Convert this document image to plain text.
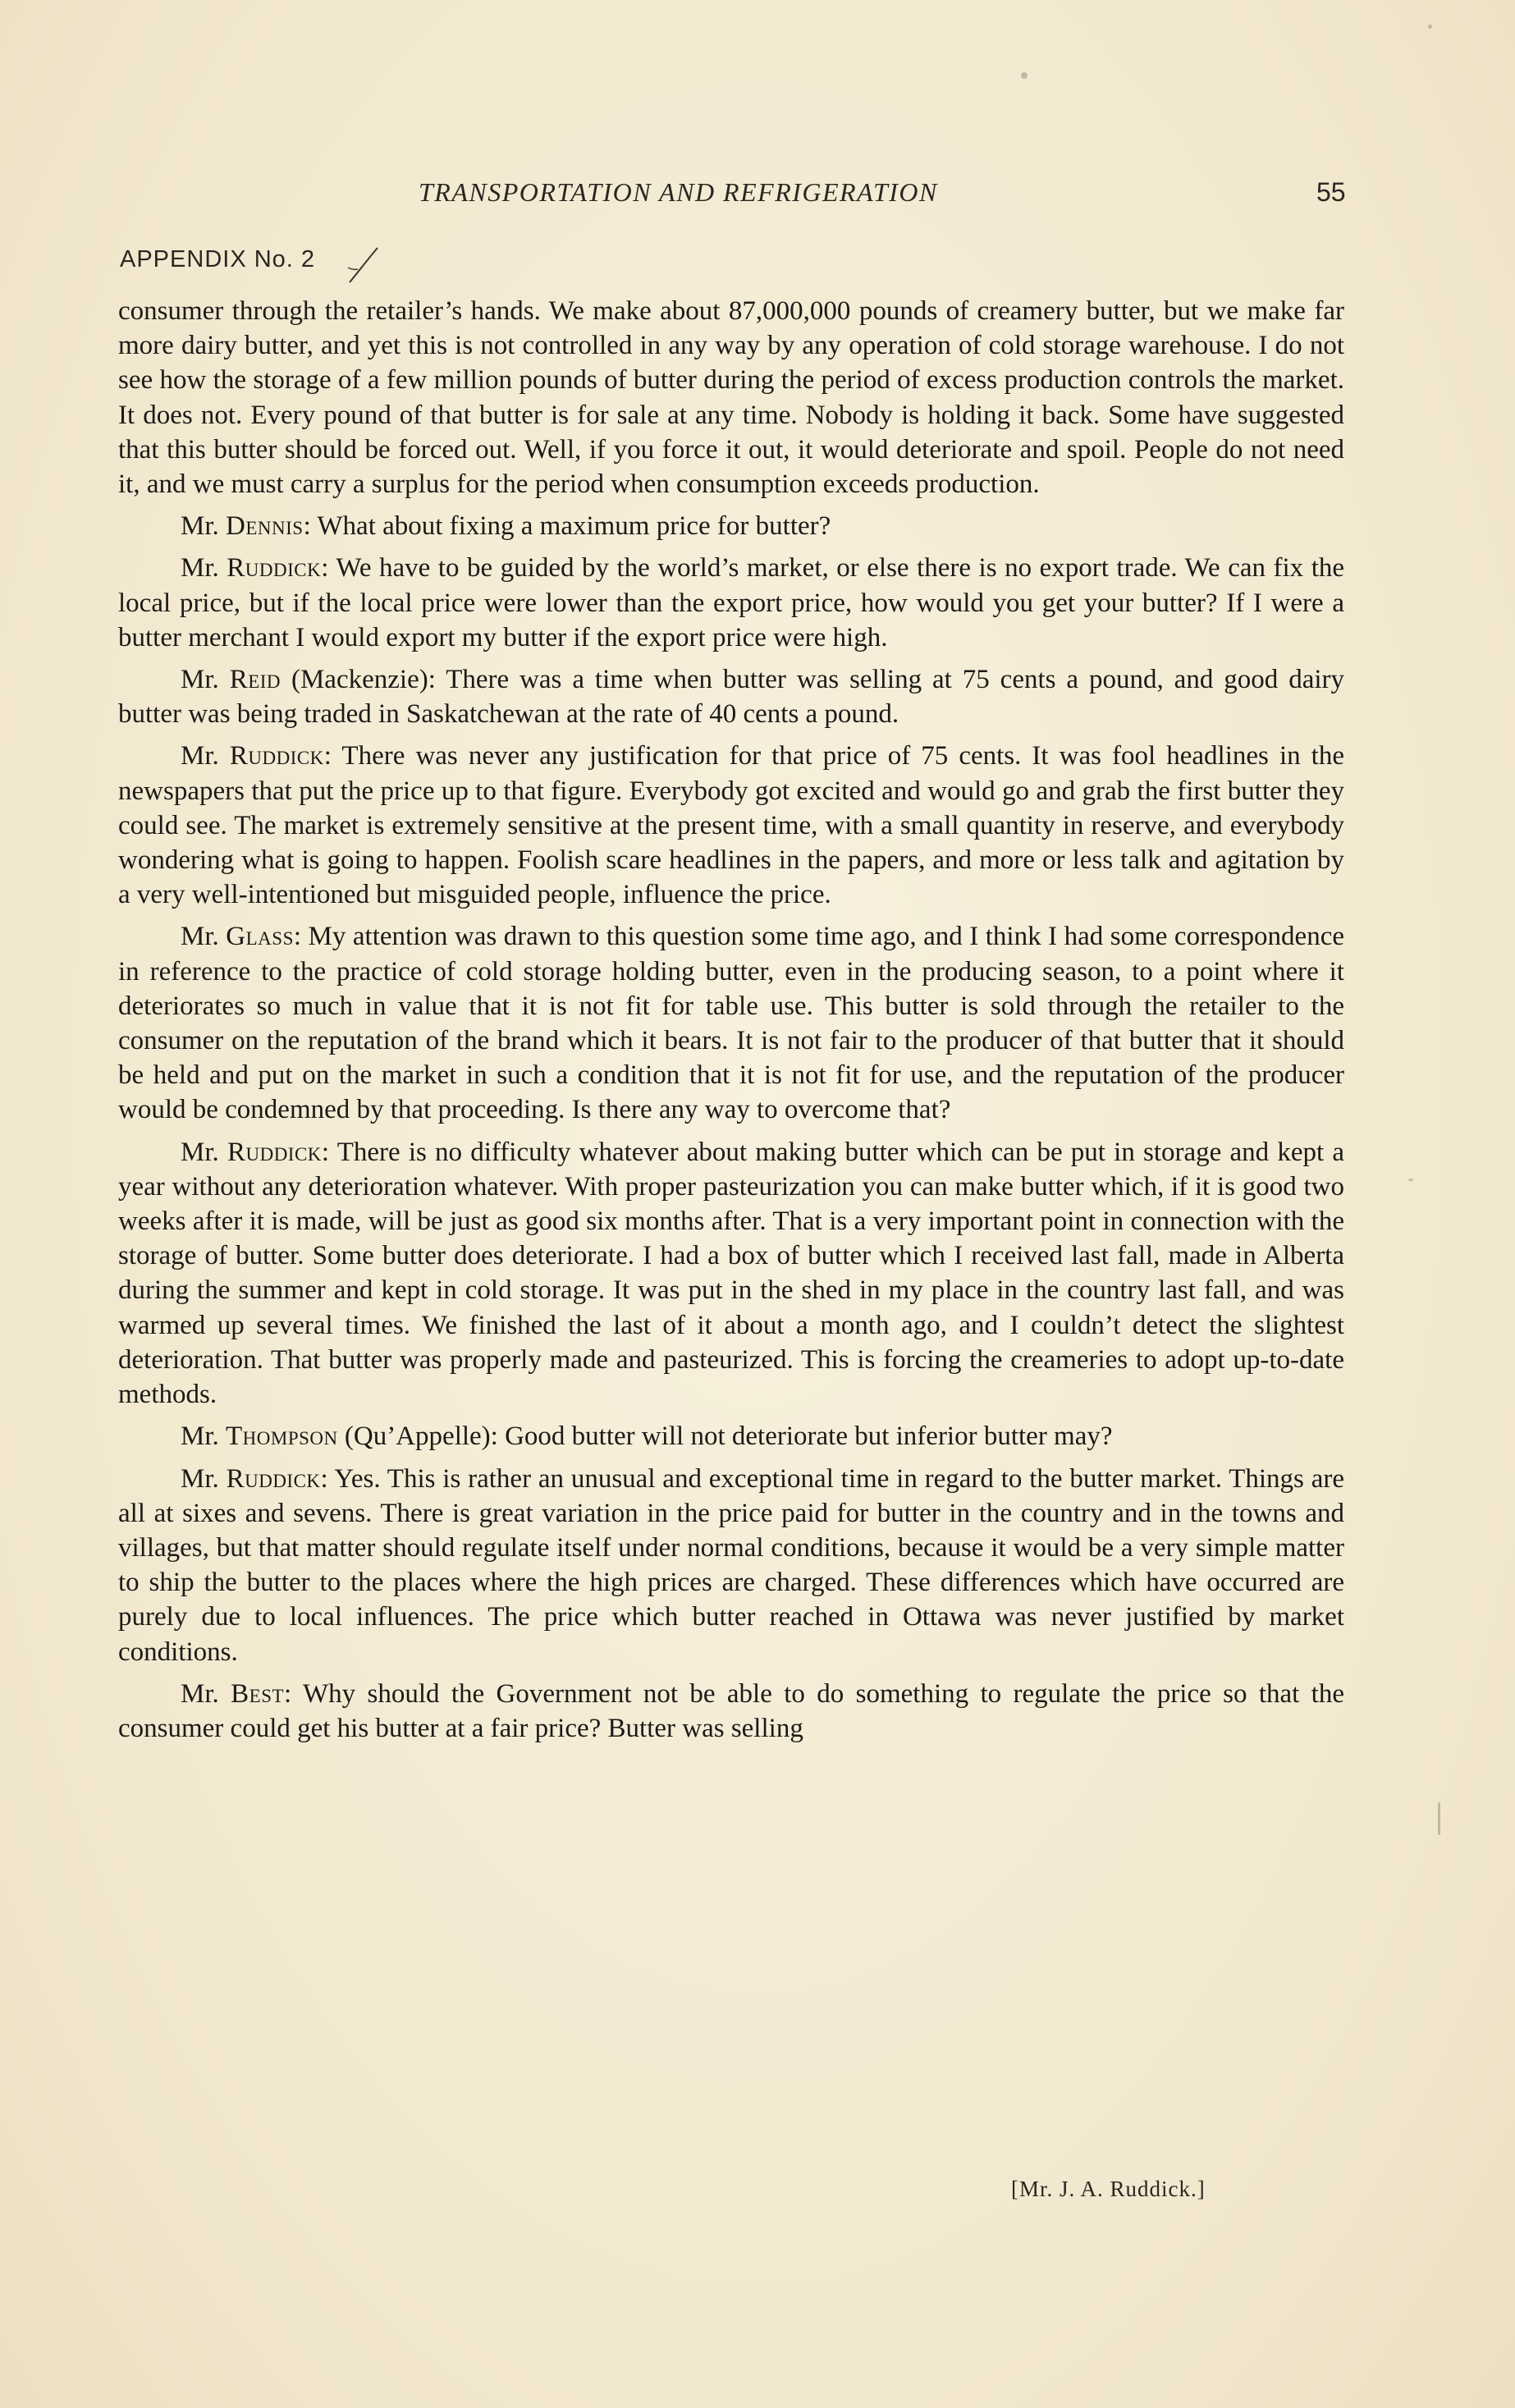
TRANSPORTATION AND REFRIGERATION	55
APPENDIX No. 2

consumer through the retailer’s hands. We make about 87,000,000 pounds of creamery butter, but we make far more dairy butter, and yet this is not controlled in any way by any operation of cold storage warehouse. I do not see how the storage of a few million pounds of butter during the period of excess production controls the market. It does not. Every pound of that butter is for sale at any time. Nobody is holding it back. Some have suggested that this butter should be forced out. Well, if you force it out, it would deteriorate and spoil. People do not need it, and we must carry a surplus for the period when consumption exceeds production.

Mr. Dennis: What about fixing a maximum price for butter?

Mr. Ruddick: We have to be guided by the world’s market, or else there is no export trade. We can fix the local price, but if the local price were lower than the export price, how would you get your butter? If I were a butter merchant I would export my butter if the export price were high.

Mr. Reid (Mackenzie): There was a time when butter was selling at 75 cents a pound, and good dairy butter was being traded in Saskatchewan at the rate of 40 cents a pound.

Mr. Ruddick: There was never any justification for that price of 75 cents. It was fool headlines in the newspapers that put the price up to that figure. Everybody got excited and would go and grab the first butter they could see. The market is extremely sensitive at the present time, with a small quantity in reserve, and everybody wondering what is going to happen. Foolish scare headlines in the papers, and more or less talk and agitation by a very well-intentioned but misguided people, influence the price.

Mr. Glass: My attention was drawn to this question some time ago, and I think I had some correspondence in reference to the practice of cold storage holding butter, even in the producing season, to a point where it deteriorates so much in value that it is not fit for table use. This butter is sold through the retailer to the consumer on the reputation of the brand which it bears. It is not fair to the producer of that butter that it should be held and put on the market in such a condition that it is not fit for use, and the reputation of the producer would be condemned by that proceeding. Is there any way to overcome that?

Mr. Ruddick: There is no difficulty whatever about making butter which can be put in storage and kept a year without any deterioration whatever. With proper pasteurization you can make butter which, if it is good two weeks after it is made, will be just as good six months after. That is a very important point in connection with the storage of butter. Some butter does deteriorate. I had a box of butter which I received last fall, made in Alberta during the summer and kept in cold storage. It was put in the shed in my place in the country last fall, and was warmed up several times. We finished the last of it about a month ago, and I couldn’t detect the slightest deterioration. That butter was properly made and pasteurized. This is forcing the creameries to adopt up-to-date methods.

Mr. Thompson (Qu’Appelle): Good butter will not deteriorate but inferior butter may?

Mr. Ruddick: Yes. This is rather an unusual and exceptional time in regard to the butter market. Things are all at sixes and sevens. There is great variation in the price paid for butter in the country and in the towns and villages, but that matter should regulate itself under normal conditions, because it would be a very simple matter to ship the butter to the places where the high prices are charged. These differences which have occurred are purely due to local influences. The price which butter reached in Ottawa was never justified by market conditions.

Mr. Best: Why should the Government not be able to do something to regulate the price so that the consumer could get his butter at a fair price? Butter was selling

[Mr. J. A. Ruddick.]
